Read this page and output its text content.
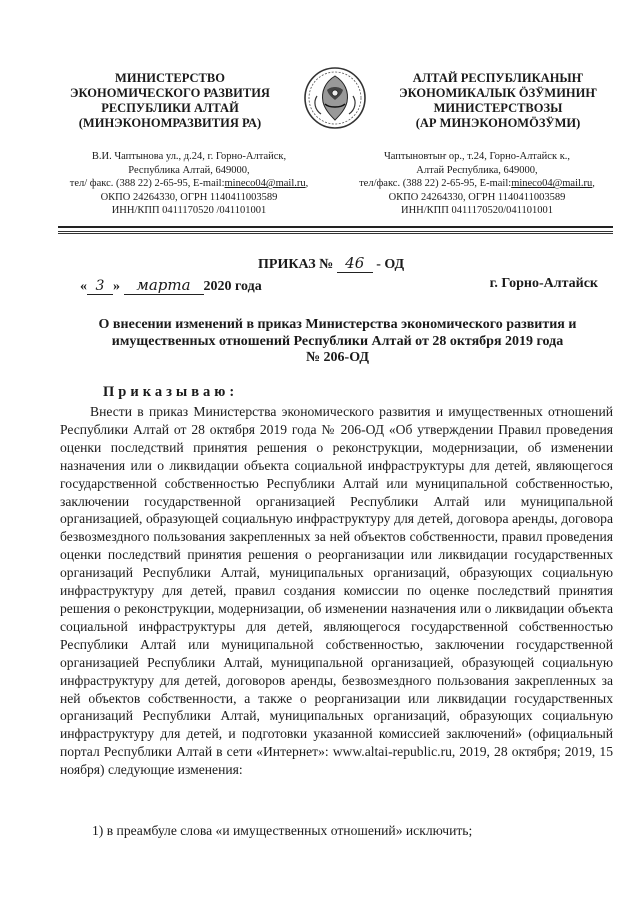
МИНИСТЕРСТВО
ЭКОНОМИЧЕСКОГО РАЗВИТИЯ
РЕСПУБЛИКИ АЛТАЙ
(МИНЭКОНОМРАЗВИТИЯ РА)
АЛТАЙ РЕСПУБЛИКАНЫҤ
ЭКОНОМИКАЛЫК ӦЗӰМИНИҤ
МИНИСТЕРСТВОЗЫ
(АР МИНЭКОНОМӦЗӰМИ)
В.И. Чаптынова ул., д.24, г. Горно-Алтайск,
Республика Алтай, 649000,
тел/ факс. (388 22) 2-65-95, E-mail:mineco04@mail.ru,
ОКПО 24264330, ОГРН 1140411003589
ИНН/КПП 0411170520 /041101001
Чаптыновтыҥ ор., т.24, Горно-Алтайск к.,
Алтай Республика, 649000,
тел/факс. (388 22) 2-65-95, E-mail:mineco04@mail.ru,
ОКПО 24264330, ОГРН 1140411003589
ИНН/КПП 0411170520/041101001
ПРИКАЗ № 46 - ОД
« 3 » марта 2020 года	г. Горно-Алтайск
О внесении изменений в приказ Министерства экономического развития и
имущественных отношений Республики Алтай от 28 октября 2019 года
№ 206-ОД
Приказываю:

Внести в приказ Министерства экономического развития и имущественных отношений Республики Алтай от 28 октября 2019 года № 206-ОД «Об утверждении Правил проведения оценки последствий принятия решения о реконструкции, модернизации, об изменении назначения или о ликвидации объекта социальной инфраструктуры для детей, являющегося государственной собственностью Республики Алтай или муниципальной собственностью, заключении государственной организацией Республики Алтай или муниципальной организацией, образующей социальную инфраструктуру для детей, договора аренды, договора безвозмездного пользования закрепленных за ней объектов собственности, правил проведения оценки последствий принятия решения о реорганизации или ликвидации государственных организаций Республики Алтай, муниципальных организаций, образующих социальную инфраструктуру для детей, правил создания комиссии по оценке последствий принятия решения о реконструкции, модернизации, об изменении назначения или о ликвидации объекта социальной инфраструктуры для детей, являющегося государственной собственностью Республики Алтай или муниципальной собственностью, заключении государственной организацией Республики Алтай, муниципальной организацией, образующей социальную инфраструктуру для детей, договоров аренды, безвозмездного пользования закрепленных за ней объектов собственности, а также о реорганизации или ликвидации государственных организаций Республики Алтай, муниципальных организаций, образующих социальную инфраструктуру для детей, и подготовки указанной комиссией заключений» (официальный портал Республики Алтай в сети «Интернет»: www.altai-republic.ru, 2019, 28 октября; 2019, 15 ноября) следующие изменения:

1) в преамбуле слова «и имущественных отношений» исключить;
